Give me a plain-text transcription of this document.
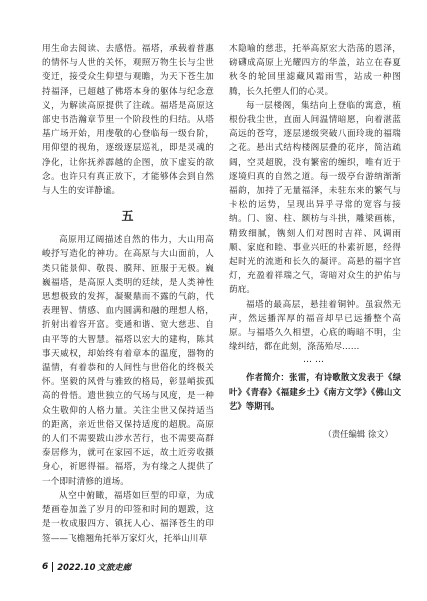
用生命去阅读、去感悟。福塔，承载着普惠的情怀与人世的关怀，观照万物生长与尘世变迁，接受众生仰望与观瞻，为天下苍生加持福泽，已超越了佛塔本身的躯体与纪念意义，为解读高原提供了注疏。福塔是高原这部史书浩瀚章节里一个阶段性的归结。从塔基广场开始，用虔敬的心登临每一级台阶，用仰望的视角，逐级逐层巡礼，即是灵魂的净化，让你抚养霹越的企图，放下虚妄的欲念。也许只有真正放下，才能够体会到自然与人生的安详静谧。

五

高原用辽阔描述自然的伟力，大山用高峻抒写造化的神功。在高原与大山面前，人类只能景仰、敬畏、膜拜、匝服于无极。巍巍福塔，是高原人类明的廷续，是人类神性思想极致的发挥，凝聚鼎而不露的气韵，代表理智、情感、血内圆满和融的理想人格，折射出着容开富。变通和谐、宽大慈悲、自由平等的大智慧。福塔以宏大的建构，陈其事天威权，却始终有着章本的温度，器物的温情，有着恭和的人间性与世俗化的终极关怀。坚毅的风骨与雅致的格局，彰显峭拔孤高的骨悟。遗世独立的气场与风度，是一种众生敬仰的人格力量。关注尘世又保持适当的距离，亲近世俗又保持适度的超脱。高原的人们不需要跋山涉水苦行，也不需要高群泰居修为，就可在家园不远，故土近旁收摄身心，祈愿得福。福塔，为有缘之人提供了一个即时清修的道场。

从空中俯瞰，福塔如巨型的印章，为成楚画卷加盖了岁月的印签和时间的题跋，这是一枚成服四方、镇抚人心、福泽苍生的印签——飞檐翘角托举万家灯火，托举山川草

木隐喻的慈悲，托举高原宏大浩荡的恩泽，磅礴成高原上光耀四方的华盖，站立在春夏秋冬的轮回里滤藏风霜雨雪，站成一种图腾，长久托塑人们的心灵。

每一层楼阁，集结向上登临的寓意，植根份我尘世，直面人间温情暗愿，向着湛蓝高远的苍穹，逐层递级突破八面玲珑的福瑞之花。悬出式结构楼阁层叠的花序，简洁疏阔，空灵超脱，没有繁密的缠织，唯有近于逐境归真的自然之道。每一级亭台游纳渐渐福韵，加持了无量福泽，未驻东来的繁气与卡松的运势，呈现出异乎寻常的宽容与接纳。门、窗、柱、额枋与斗拱，雕梁画栋，精致细腻，镌刻人们对图时吉祥、风调雨顺、家庭和睦、事业兴旺的朴素祈愿，经得起时光的流逝和长久的凝评。高悬的福字宫灯，充盈着祥瑞之气，寄暗对众生的护佑与荫庇。

福塔的最高层，悬挂着铜钟。虽寂然无声，然远播浑厚的福音却早已远播整个高原。与福塔久久相望，心底的晦暗不明，尘缘纠结，都在此刻，涤荡殆尽……

……

作者简介：张雷，有诗歌散文发表于《绿叶》《青春》《福建乡土》《南方文学》《佛山文艺》等期刊。

（责任编辑 徐文）
6 2022.10 文旅走廊
